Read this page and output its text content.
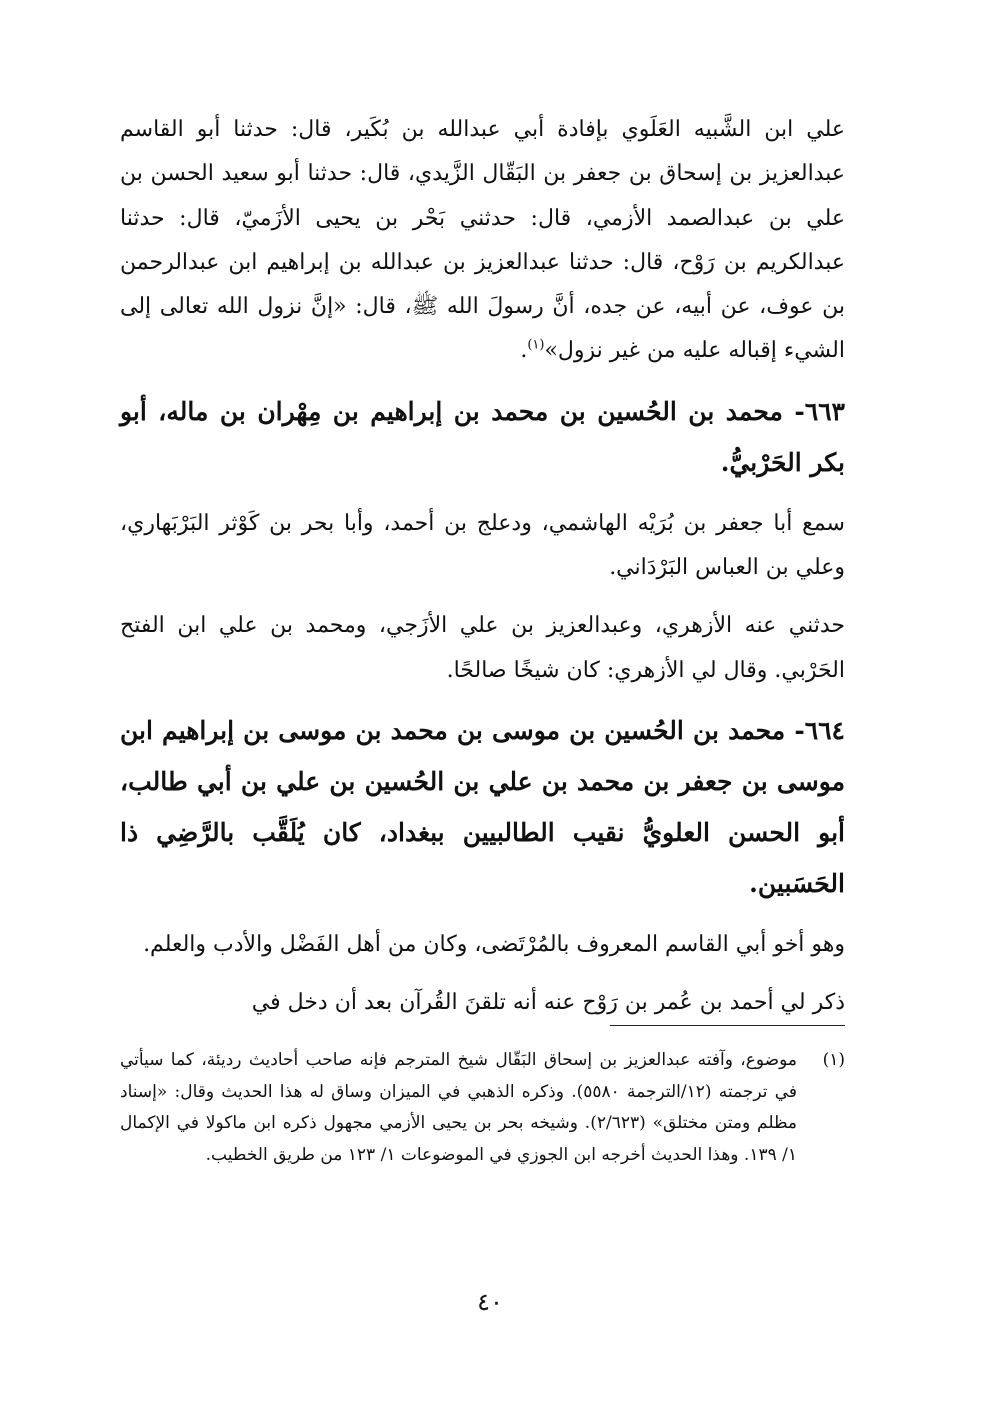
علي ابن الشَّبيه العَلَوي بإفادة أبي عبدالله بن بُكَير، قال: حدثنا أبو القاسم عبدالعزيز بن إسحاق بن جعفر بن البَقّال الزَّيدي، قال: حدثنا أبو سعيد الحسن بن علي بن عبدالصمد الأزمي، قال: حدثني بَحْر بن يحيى الأزَميّ، قال: حدثنا عبدالكريم بن رَوْح، قال: حدثنا عبدالعزيز بن عبدالله بن إبراهيم ابن عبدالرحمن بن عوف، عن أبيه، عن جده، أنَّ رسولَ الله ﷺ، قال: «إنَّ نزول الله تعالى إلى الشيء إقباله عليه من غير نزول»$^{(١)}$.

٦٦٣- محمد بن الحُسين بن محمد بن إبراهيم بن مِهْران بن ماله، أبو بكر الحَرْبيُّ.

سمع أبا جعفر بن بُرَيْه الهاشمي، ودعلج بن أحمد، وأبا بحر بن كَوْثر البَرْبَهاري، وعلي بن العباس البَرْدَاني.

حدثني عنه الأزهري، وعبدالعزيز بن علي الأزَجي، ومحمد بن علي ابن الفتح الحَرْبي. وقال لي الأزهري: كان شيخًا صالحًا.

٦٦٤- محمد بن الحُسين بن موسى بن محمد بن موسى بن إبراهيم ابن موسى بن جعفر بن محمد بن علي بن الحُسين بن علي بن أبي طالب، أبو الحسن العلويُّ نقيب الطالبيين ببغداد، كان يُلَقَّب بالرَّضِي ذا الحَسَبين.

وهو أخو أبي القاسم المعروف بالمُرْتَضى، وكان من أهل الفَضْل والأدب والعلم.

ذكر لي أحمد بن عُمر بن رَوْح عنه أنه تلقنَ القُرآن بعد أن دخل في

(١)
موضوع، وآفته عبدالعزيز بن إسحاق البَقّال شيخ المترجم فإنه صاحب أحاديث رديئة، كما سيأتي في ترجمته (١٢/الترجمة ٥٥٨٠). وذكره الذهبي في الميزان وساق له هذا الحديث وقال: «إسناد مظلم ومتن مختلق» (٢/٦٢٣). وشيخه بحر بن يحيى الأزمي مجهول ذكره ابن ماكولا في الإكمال ١/ ١٣٩. وهذا الحديث أخرجه ابن الجوزي في الموضوعات ١/ ١٢٣ من طريق الخطيب.
٤٠
